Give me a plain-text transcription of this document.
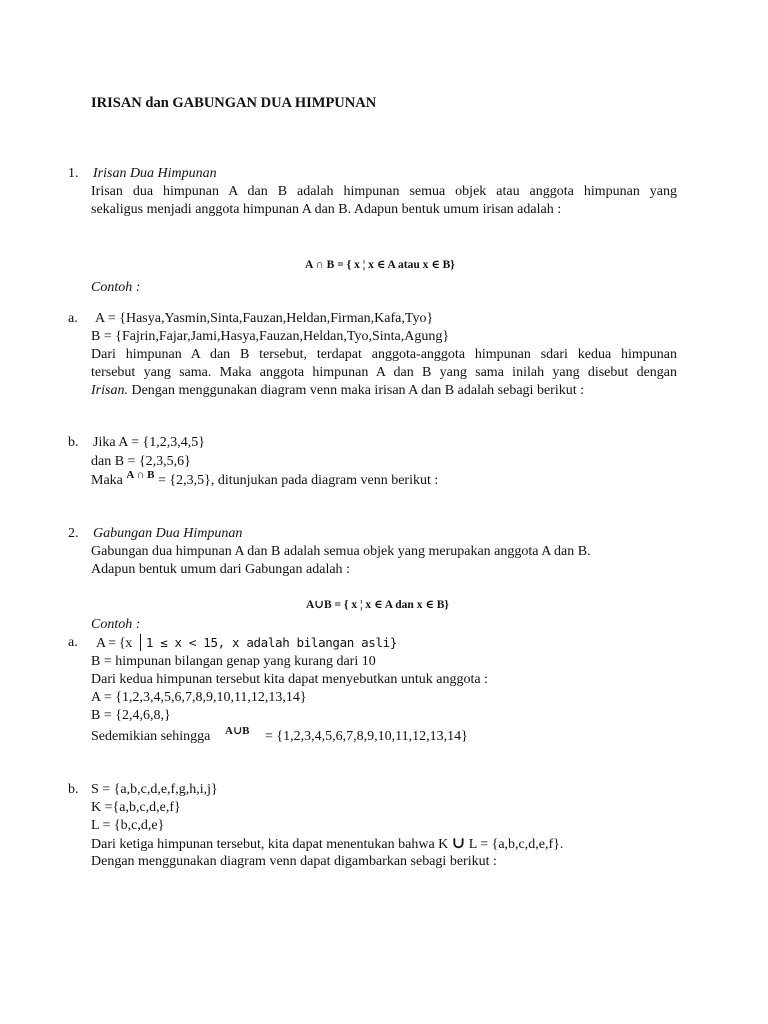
IRISAN dan GABUNGAN DUA HIMPUNAN
1. Irisan Dua Himpunan
Irisan dua himpunan A dan B adalah himpunan semua objek atau anggota himpunan yang
sekaligus menjadi anggota himpunan A dan B. Adapun bentuk umum irisan adalah :
A ∩ B = { x ¦ x ∈ A atau x ∈ B}
Contoh :
a. A = {Hasya,Yasmin,Sinta,Fauzan,Heldan,Firman,Kafa,Tyo}
B = {Fajrin,Fajar,Jami,Hasya,Fauzan,Heldan,Tyo,Sinta,Agung}
Dari himpunan A dan B tersebut, terdapat anggota-anggota himpunan sdari kedua himpunan
tersebut yang sama. Maka anggota himpunan A dan B yang sama inilah yang disebut dengan
Irisan. Dengan menggunakan diagram venn maka irisan A dan B adalah sebagi berikut :
b. Jika A = {1,2,3,4,5}
dan B = {2,3,5,6}
Maka $^{A \cap B}$ = {2,3,5}, ditunjukan pada diagram venn berikut :
2. Gabungan Dua Himpunan
Gabungan dua himpunan A dan B adalah semua objek yang merupakan anggota A dan B.
Adapun bentuk umum dari Gabungan adalah :
A∪B = { x ¦ x ∈ A dan x ∈ B}
Contoh :
a. A = {x 1 ≤ x < 15, x adalah bilangan asli}
B = himpunan bilangan genap yang kurang dari 10
Dari kedua himpunan tersebut kita dapat menyebutkan untuk anggota :
A = {1,2,3,4,5,6,7,8,9,10,11,12,13,14}
B = {2,4,6,8,}
Sedemikian sehingga A∪B = {1,2,3,4,5,6,7,8,9,10,11,12,13,14}
b. S = {a,b,c,d,e,f,g,h,i,j}
K ={a,b,c,d,e,f}
L = {b,c,d,e}
Dari ketiga himpunan tersebut, kita dapat menentukan bahwa K ∪ L = {a,b,c,d,e,f}.
Dengan menggunakan diagram venn dapat digambarkan sebagi berikut :
